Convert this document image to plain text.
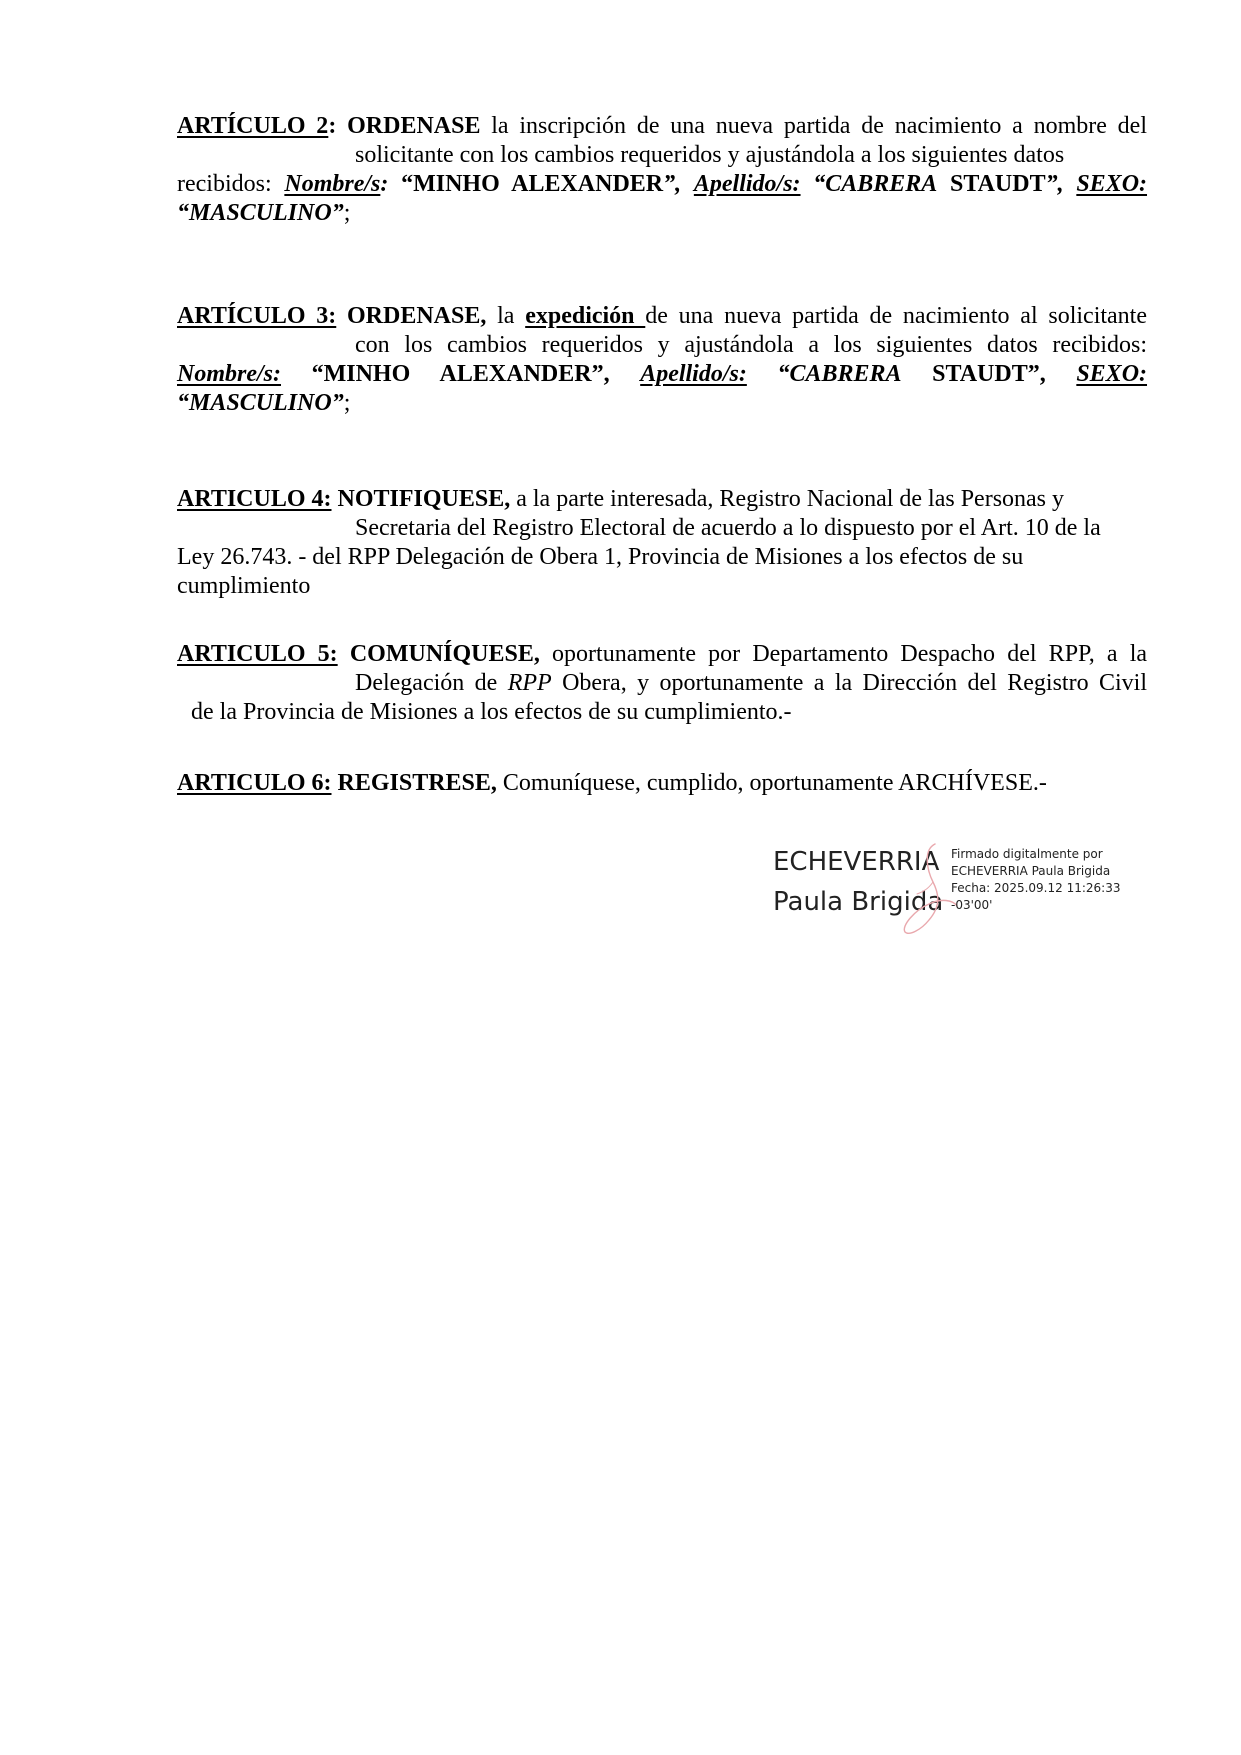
ARTÍCULO 2: ORDENASE la inscripción de una nueva partida de nacimiento a nombre del
solicitante con los cambios requeridos y ajustándola a los siguientes datos
recibidos: Nombre/s: “MINHO ALEXANDER”, Apellido/s: “CABRERA STAUDT”, SEXO:
“MASCULINO”;
ARTÍCULO 3: ORDENASE, la expedición de una nueva partida de nacimiento al solicitante
con los cambios requeridos y ajustándola a los siguientes datos recibidos:
Nombre/s: “MINHO ALEXANDER”, Apellido/s: “CABRERA STAUDT”, SEXO:
“MASCULINO”;
ARTICULO 4: NOTIFIQUESE, a la parte interesada, Registro Nacional de las Personas y
Secretaria del Registro Electoral de acuerdo a lo dispuesto por el Art. 10 de la
Ley 26.743. - del RPP Delegación de Obera 1, Provincia de Misiones a los efectos de su
cumplimiento
ARTICULO 5: COMUNÍQUESE, oportunamente por Departamento Despacho del RPP, a la
Delegación de RPP Obera, y oportunamente a la Dirección del Registro Civil
de la Provincia de Misiones a los efectos de su cumplimiento.-
ARTICULO 6: REGISTRESE, Comuníquese, cumplido, oportunamente ARCHÍVESE.-
ECHEVERRIA
Paula Brigida
Firmado digitalmente por
ECHEVERRIA Paula Brigida
Fecha: 2025.09.12 11:26:33
-03'00'
